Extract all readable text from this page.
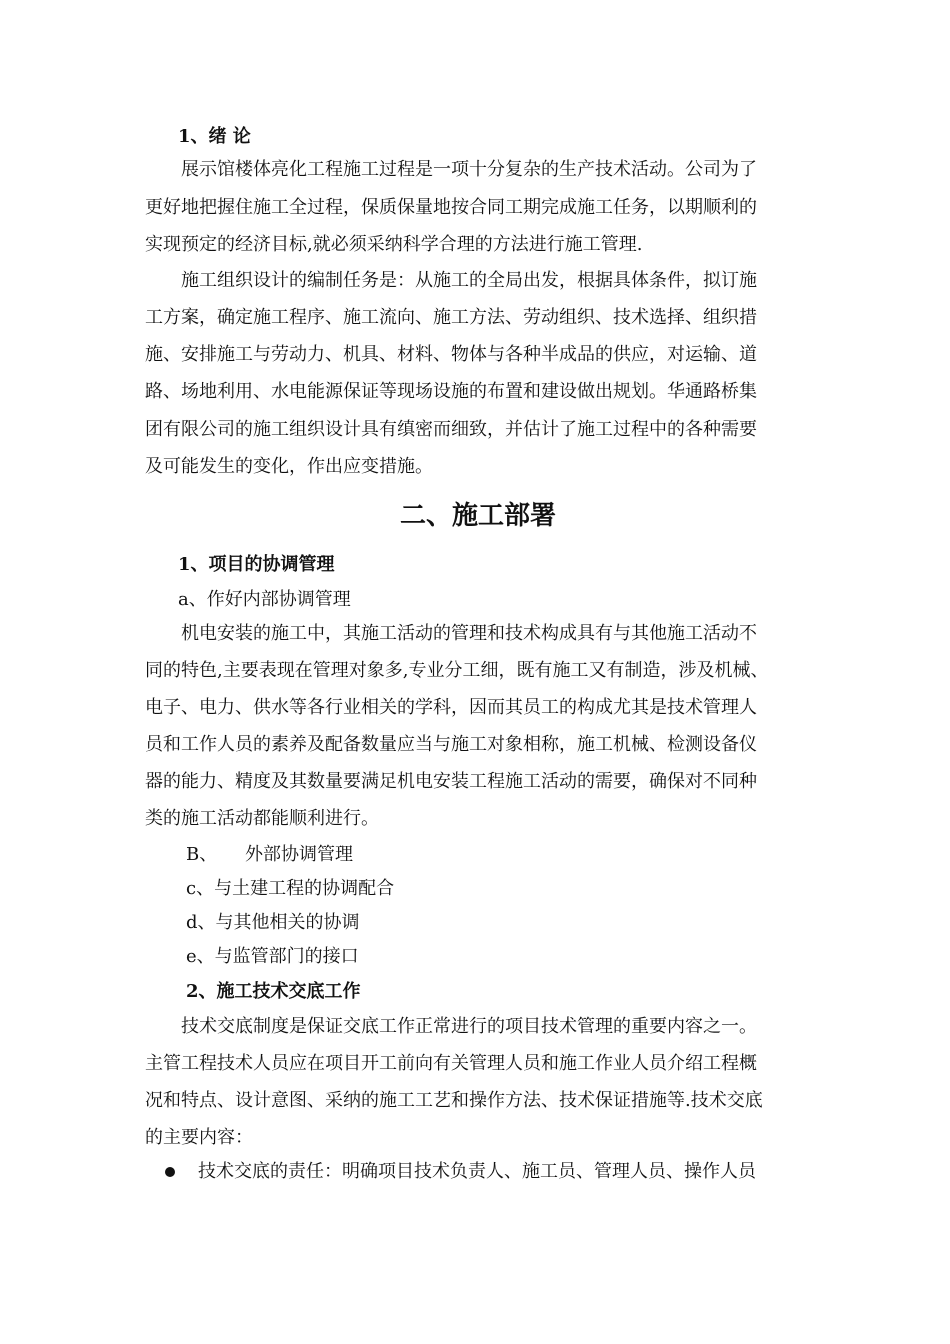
1、绪 论
展示馆楼体亮化工程施工过程是一项十分复杂的生产技术活动。公司为了
更好地把握住施工全过程，保质保量地按合同工期完成施工任务，以期顺利的
实现预定的经济目标,就必须采纳科学合理的方法进行施工管理.
施工组织设计的编制任务是：从施工的全局出发，根据具体条件，拟订施
工方案，确定施工程序、施工流向、施工方法、劳动组织、技术选择、组织措
施、安排施工与劳动力、机具、材料、物体与各种半成品的供应，对运输、道
路、场地利用、水电能源保证等现场设施的布置和建设做出规划。华通路桥集
团有限公司的施工组织设计具有缜密而细致，并估计了施工过程中的各种需要
及可能发生的变化，作出应变措施。
二、施工部署
1、项目的协调管理
a、作好内部协调管理
机电安装的施工中，其施工活动的管理和技术构成具有与其他施工活动不
同的特色,主要表现在管理对象多,专业分工细，既有施工又有制造，涉及机械、
电子、电力、供水等各行业相关的学科，因而其员工的构成尤其是技术管理人
员和工作人员的素养及配备数量应当与施工对象相称，施工机械、检测设备仪
器的能力、精度及其数量要满足机电安装工程施工活动的需要，确保对不同种
类的施工活动都能顺利进行。
B、 外部协调管理
c、与土建工程的协调配合
d、与其他相关的协调
e、与监管部门的接口
2、施工技术交底工作
技术交底制度是保证交底工作正常进行的项目技术管理的重要内容之一。
主管工程技术人员应在项目开工前向有关管理人员和施工作业人员介绍工程概
况和特点、设计意图、采纳的施工工艺和操作方法、技术保证措施等.技术交底
的主要内容：
技术交底的责任：明确项目技术负责人、施工员、管理人员、操作人员
